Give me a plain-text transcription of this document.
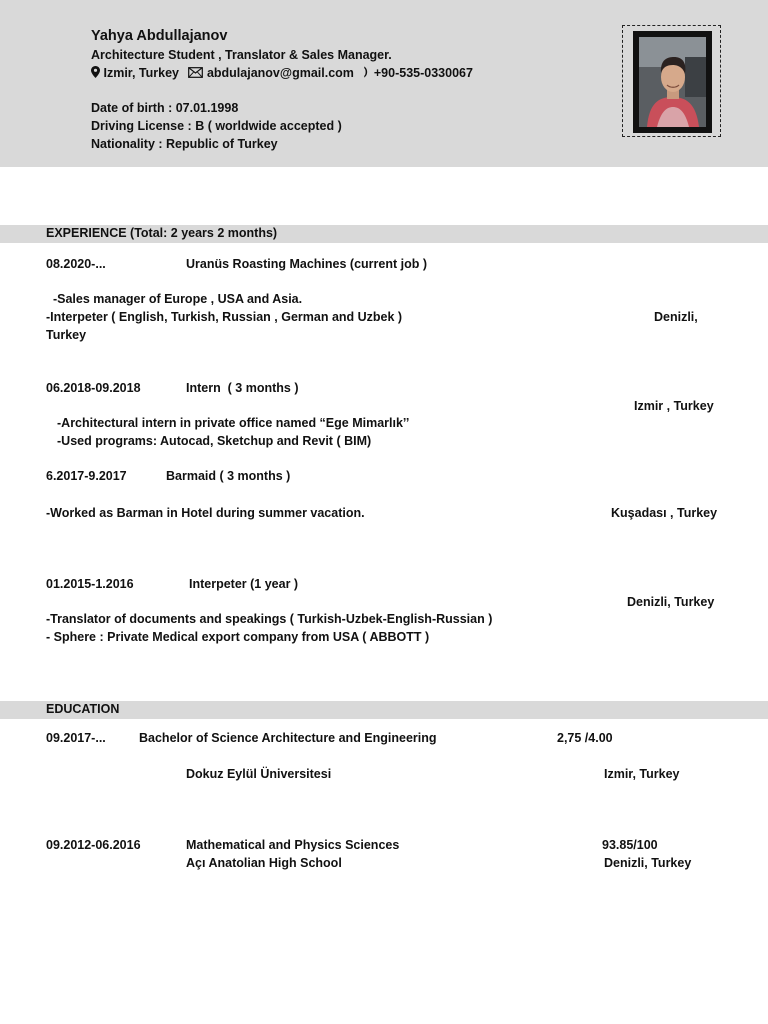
Yahya Abdullajanov
Architecture Student , Translator & Sales Manager.
Izmir, Turkey abdulajanov@gmail.com +90-535-0330067
Date of birth : 07.01.1998
Driving License : B ( worldwide accepted )
Nationality : Republic of Turkey
EXPERIENCE (Total: 2 years 2 months)
08.2020-...	Uranüs Roasting Machines (current job )
-Sales manager of Europe , USA and Asia.
-Interpeter ( English, Turkish, Russian , German and Uzbek )	Denizli,
Turkey
06.2018-09.2018	Intern  ( 3 months )
Izmir , Turkey
-Architectural intern in private office named “Ege Mimarlık’’
-Used programs: Autocad, Sketchup and Revit ( BIM)
6.2017-9.2017	Barmaid ( 3 months )
-Worked as Barman in Hotel during summer vacation.	Kuşadası , Turkey
01.2015-1.2016	Interpeter (1 year )
Denizli, Turkey
-Translator of documents and speakings ( Turkish-Uzbek-English-Russian )
- Sphere : Private Medical export company from USA ( ABBOTT )
EDUCATION
09.2017-...	Bachelor of Science Architecture and Engineering	2,75 /4.00
Dokuz Eylül Üniversitesi	Izmir, Turkey
09.2012-06.2016	Mathematical and Physics Sciences	93.85/100
Açı Anatolian High School	Denizli, Turkey
